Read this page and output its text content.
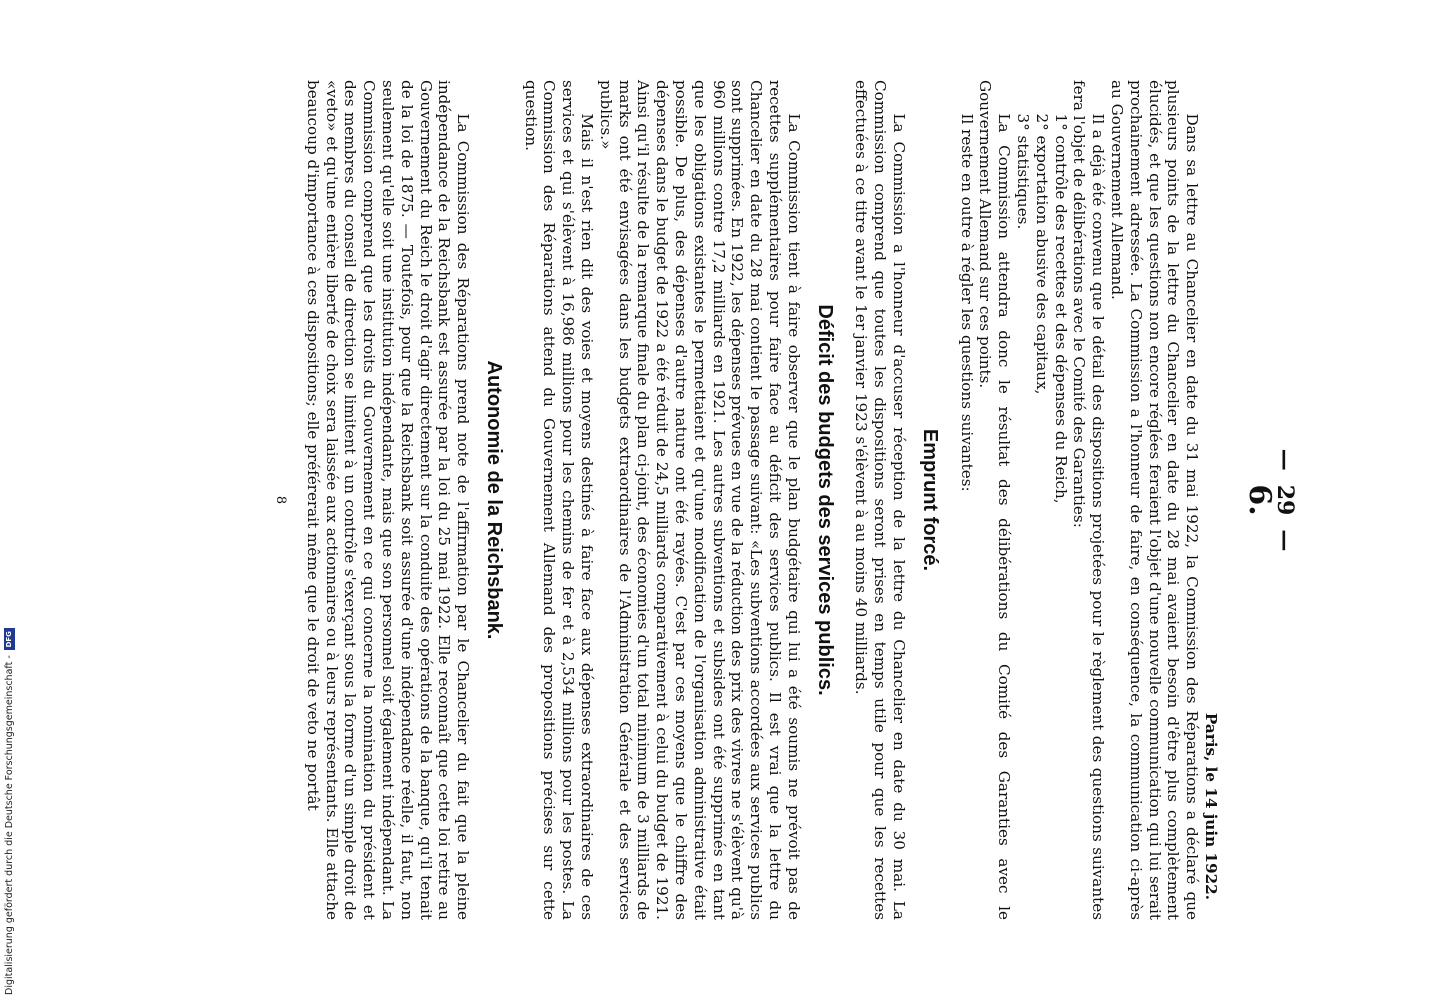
—
29
—
6.
Paris, le 14 juin 1922.

Dans sa lettre au Chancelier en date du 31 mai 1922, la Commission des Réparations a déclaré que plusieurs points de la lettre du Chancelier en date du 28 mai avaient besoin d'être plus complètement élucidés, et que les questions non encore réglées feraient l'objet d'une nouvelle communication qui lui serait prochainement adressée. La Commission a l'honneur de faire, en conséquence, la communication ci-après au Gouvernement Allemand.

Il a déjà été convenu que le détail des dispositions projetées pour le règlement des questions suivantes fera l'objet de délibérations avec le Comité des Garanties:

1° contrôle des recettes et des dépenses du Reich,
2° exportation abusive des capitaux,
3° statistiques.

La Commission attendra donc le résultat des délibérations du Comité des Garanties avec le Gouvernement Allemand sur ces points.

Il reste en outre à régler les questions suivantes:

Emprunt forcé.

La Commission a l'honneur d'accuser réception de la lettre du Chancelier en date du 30 mai. La Commission comprend que toutes les dispositions seront prises en temps utile pour que les recettes effectuées à ce titre avant le 1er janvier 1923 s'élèvent à au moins 40 milliards.

Déficit des budgets des services publics.

La Commission tient à faire observer que le plan budgétaire qui lui a été soumis ne prévoit pas de recettes supplémentaires pour faire face au déficit des services publics. Il est vrai que la lettre du Chancelier en date du 28 mai contient le passage suivant: «Les subventions accordées aux services publics sont supprimées. En 1922, les dépenses prévues en vue de la réduction des prix des vivres ne s'élèvent qu'à 960 millions contre 17,2 milliards en 1921. Les autres subventions et subsides ont été supprimés en tant que les obligations existantes le permettaient et qu'une modification de l'organisation administrative était possible. De plus, des dépenses d'autre nature ont été rayées. C'est par ces moyens que le chiffre des dépenses dans le budget de 1922 a été réduit de 24,5 milliards comparativement à celui du budget de 1921. Ainsi qu'il résulte de la remarque finale du plan ci-joint, des économies d'un total minimum de 3 milliards de marks ont été envisagées dans les budgets extraordinaires de l'Administration Générale et des services publics.»

Mais il n'est rien dit des voies et moyens destinés à faire face aux dépenses extraordinaires de ces services et qui s'élèvent à 16,986 millions pour les chemins de fer et à 2,534 millions pour les postes. La Commission des Réparations attend du Gouvernement Allemand des propositions précises sur cette question.

Autonomie de la Reichsbank.

La Commission des Réparations prend note de l'affirmation par le Chancelier du fait que la pleine indépendance de la Reichsbank est assurée par la loi du 25 mai 1922. Elle reconnaît que cette loi retire au Gouvernement du Reich le droit d'agir directement sur la conduite des opérations de la banque, qu'il tenait de la loi de 1875. — Toutefois, pour que la Reichsbank soit assurée d'une indépendance réelle, il faut, non seulement qu'elle soit une institution indépendante, mais que son personnel soit également indépendant. La Commission comprend que les droits du Gouvernement en ce qui concerne la nomination du président et des membres du conseil de direction se limitent à un contrôle s'exerçant sous la forme d'un simple droit de «veto» et qu'une entière liberté de choix sera laissée aux actionnaires ou à leurs représentants. Elle attache beaucoup d'importance à ces dispositions; elle préférerait même que le droit de veto ne portât

8
Digitalisierung gefördert durch die Deutsche Forschungsgemeinschaft -
DFG
